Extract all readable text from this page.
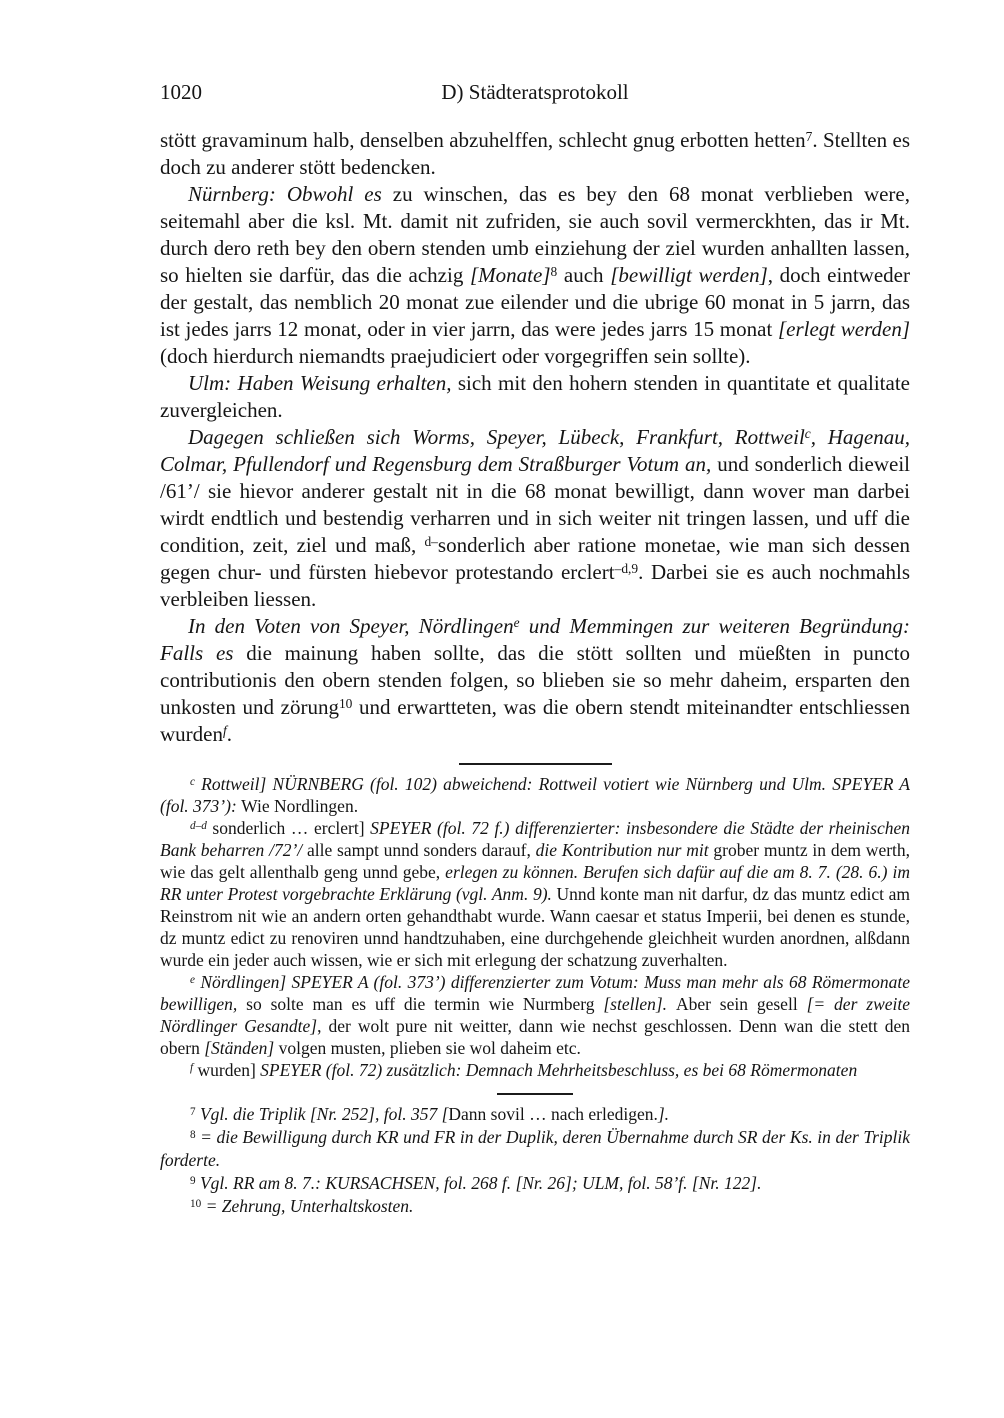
1020	D) Städteratsprotokoll

stött gravaminum halb, denselben abzuhelffen, schlecht gnug erbotten hetten$^7$. Stellten es doch zu anderer stött bedencken.

Nürnberg: Obwohl es zu winschen, das es bey den 68 monat verblieben were, seitemahl aber die ksl. Mt. damit nit zufriden, sie auch sovil vermerckhten, das ir Mt. durch dero reth bey den obern stenden umb einziehung der ziel wurden anhallten lassen, so hielten sie darfür, das die achzig [Monate]$^8$ auch [bewilligt werden], doch eintweder der gestalt, das nemblich 20 monat zue eilender und die ubrige 60 monat in 5 jarrn, das ist jedes jarrs 12 monat, oder in vier jarrn, das were jedes jarrs 15 monat [erlegt werden] (doch hierdurch niemandts praejudiciert oder vorgegriffen sein sollte).

Ulm: Haben Weisung erhalten, sich mit den hohern stenden in quantitate et qualitate zuvergleichen.

Dagegen schließen sich Worms, Speyer, Lübeck, Frankfurt, Rottweil$^c$, Hagenau, Colmar, Pfullendorf und Regensburg dem Straßburger Votum an, und sonderlich dieweil /61’/ sie hievor anderer gestalt nit in die 68 monat bewilligt, dann wover man darbei wirdt endtlich und bestendig verharren und in sich weiter nit tringen lassen, und uff die condition, zeit, ziel und maß, $^{d-}$sonderlich aber ratione monetae, wie man sich dessen gegen chur- und fürsten hiebevor protestando erclert$^{-d,9}$. Darbei sie es auch nochmahls verbleiben liessen.

In den Voten von Speyer, Nördlingen$^e$ und Memmingen zur weiteren Begründung: Falls es die mainung haben sollte, das die stött sollten und müeßten in puncto contributionis den obern stenden folgen, so blieben sie so mehr daheim, ersparten den unkosten und zörung$^{10}$ und erwartteten, was die obern stendt miteinandter entschliessen wurden$^f$.

$^c$ Rottweil] NÜRNBERG (fol. 102) abweichend: Rottweil votiert wie Nürnberg und Ulm. SPEYER A (fol. 373’): Wie Nordlingen.

$^{d-d}$ sonderlich … erclert] SPEYER (fol. 72 f.) differenzierter: insbesondere die Städte der rheinischen Bank beharren /72’/ alle sampt unnd sonders darauf, die Kontribution nur mit grober muntz in dem werth, wie das gelt allenthalb geng unnd gebe, erlegen zu können. Berufen sich dafür auf die am 8. 7. (28. 6.) im RR unter Protest vorgebrachte Erklärung (vgl. Anm. 9). Unnd konte man nit darfur, dz das muntz edict am Reinstrom nit wie an andern orten gehandthabt wurde. Wann caesar et status Imperii, bei denen es stunde, dz muntz edict zu renoviren unnd handtzuhaben, eine durchgehende gleichheit wurden anordnen, alßdann wurde ein jeder auch wissen, wie er sich mit erlegung der schatzung zuverhalten.

$^e$ Nördlingen] SPEYER A (fol. 373’) differenzierter zum Votum: Muss man mehr als 68 Römermonate bewilligen, so solte man es uff die termin wie Nurmberg [stellen]. Aber sein gesell [= der zweite Nördlinger Gesandte], der wolt pure nit weitter, dann wie nechst geschlossen. Denn wan die stett den obern [Ständen] volgen musten, plieben sie wol daheim etc.

$^f$ wurden] SPEYER (fol. 72) zusätzlich: Demnach Mehrheitsbeschluss, es bei 68 Römermonaten

$^7$ Vgl. die Triplik [Nr. 252], fol. 357 [Dann sovil … nach erledigen.].

$^8$ = die Bewilligung durch KR und FR in der Duplik, deren Übernahme durch SR der Ks. in der Triplik forderte.

$^9$ Vgl. RR am 8. 7.: KURSACHSEN, fol. 268 f. [Nr. 26]; ULM, fol. 58’f. [Nr. 122].

$^{10}$ = Zehrung, Unterhaltskosten.
